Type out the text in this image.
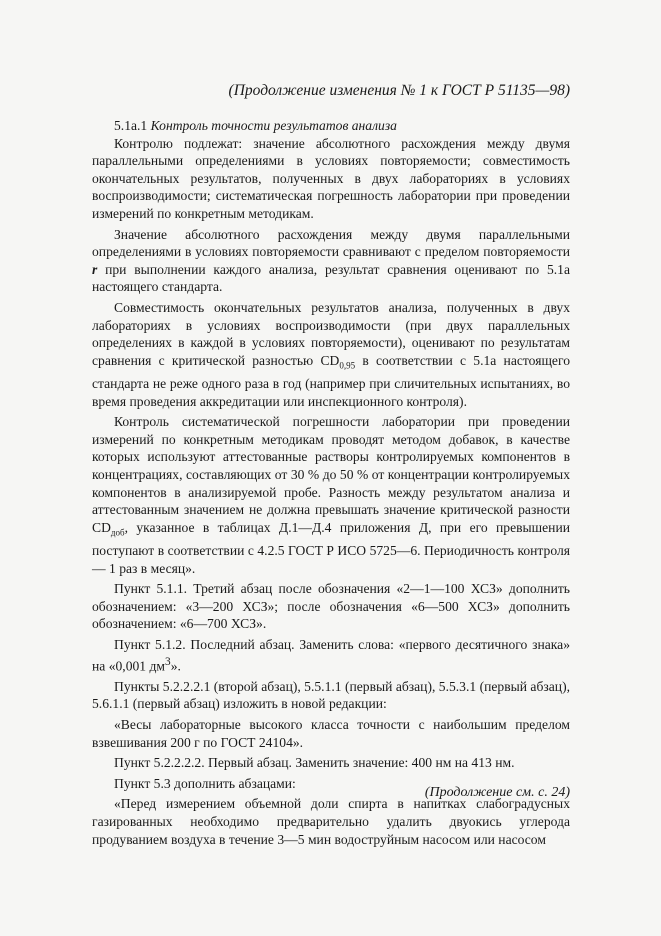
(Продолжение изменения № 1 к ГОСТ Р 51135—98)

5.1a.1 Контроль точности результатов анализа

Контролю подлежат: значение абсолютного расхождения между двумя параллельными определениями в условиях повторяемости; совместимость окончательных результатов, полученных в двух лабораториях в условиях воспроизводимости; систематическая погрешность лаборатории при проведении измерений по конкретным методикам.

Значение абсолютного расхождения между двумя параллельными определениями в условиях повторяемости сравнивают с пределом повторяемости r при выполнении каждого анализа, результат сравнения оценивают по 5.1a настоящего стандарта.

Совместимость окончательных результатов анализа, полученных в двух лабораториях в условиях воспроизводимости (при двух параллельных определениях в каждой в условиях повторяемости), оценивают по результатам сравнения с критической разностью $CD_{0,95}$ в соответствии с 5.1a настоящего стандарта не реже одного раза в год (например при сличительных испытаниях, во время проведения аккредитации или инспекционного контроля).

Контроль систематической погрешности лаборатории при проведении измерений по конкретным методикам проводят методом добавок, в качестве которых используют аттестованные растворы контролируемых компонентов в концентрациях, составляющих от 30 % до 50 % от концентрации контролируемых компонентов в анализируемой пробе. Разность между результатом анализа и аттестованным значением не должна превышать значение критической разности $CD_{доб}$, указанное в таблицах Д.1—Д.4 приложения Д, при его превышении поступают в соответствии с 4.2.5 ГОСТ Р ИСО 5725—6. Периодичность контроля — 1 раз в месяц».

Пункт 5.1.1. Третий абзац после обозначения «2—1—100 ХСЗ» дополнить обозначением: «3—200 ХСЗ»; после обозначения «6—500 ХСЗ» дополнить обозначением: «6—700 ХСЗ».

Пункт 5.1.2. Последний абзац. Заменить слова: «первого десятичного знака» на «0,001 $дм^3$».

Пункты 5.2.2.2.1 (второй абзац), 5.5.1.1 (первый абзац), 5.5.3.1 (первый абзац), 5.6.1.1 (первый абзац) изложить в новой редакции:

«Весы лабораторные высокого класса точности с наибольшим пределом взвешивания 200 г по ГОСТ 24104».

Пункт 5.2.2.2.2. Первый абзац. Заменить значение: 400 нм на 413 нм.

Пункт 5.3 дополнить абзацами:

«Перед измерением объемной доли спирта в напитках слабоградусных газированных необходимо предварительно удалить двуокись углерода продуванием воздуха в течение 3—5 мин водоструйным насосом или насосом

(Продолжение см. с. 24)
